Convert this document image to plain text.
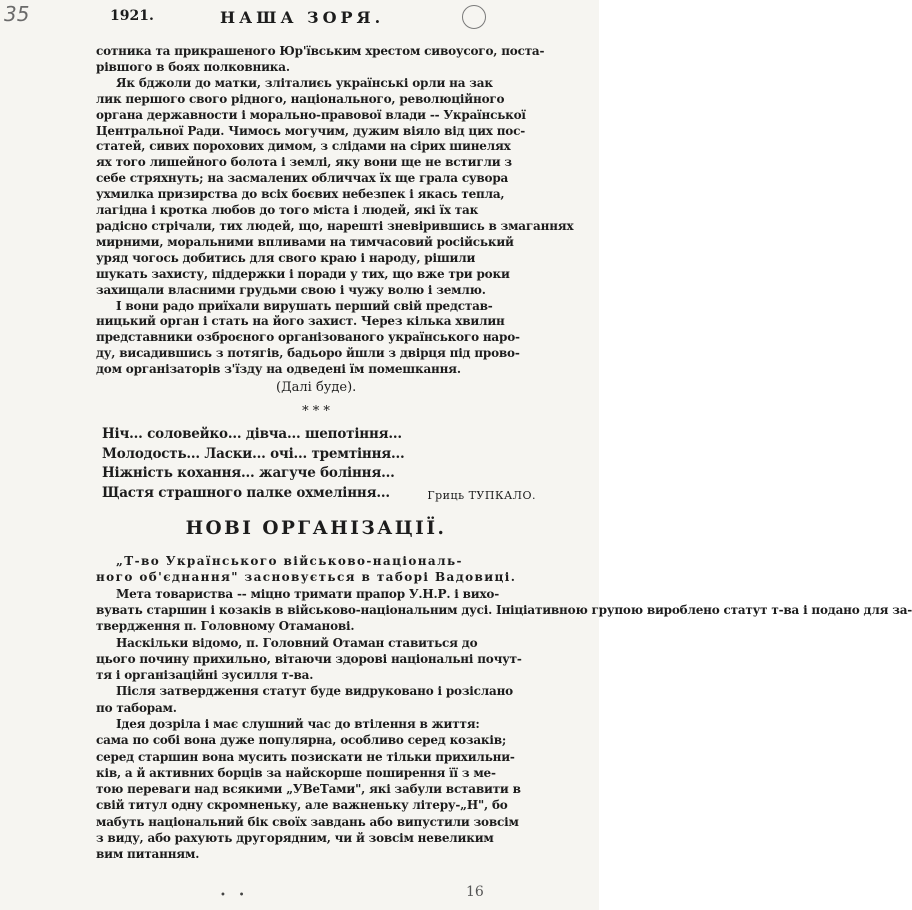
35	1921.	НАША ЗОРЯ.
сотника та прикрашеного Юр'ївським хрестом сивоусого, поста-
рівшого в боях полковника.
Як бджоли до матки, зліталиєь українські орли на зак
лик першого свого рідного, національного, революційного
органа державности і морально-правової влади -- Української
Центральної Ради. Чимось могучим, дужим віяло від цих пос-
статей, сивих порохових димом, з слідами на сірих шинелях
ях того лишейного болота і землі, яку вони ще не встигли з
себе стряхнуть; на засмалених обличчах їх ще грала сувора
ухмилка призирства до всіх боєвих небезпек і якась тепла,
лагідна і кротка любов до того міста і людей, які їх так
радісно стрічали, тих людей, що, нарешті зневірившись в змаганнях
мирними, моральними впливами на тимчасовий російський
уряд чогось добитись для свого краю і народу, рішили
шукать захисту, піддержки і поради у тих, що вже три роки
захищали власними грудьми свою і чужу волю і землю.
І вони радо приїхали вирушать перший свій представ-
ницький орган і стать на його захист. Через кілька хвилин
представники озброєного організованого українського наро-
ду, висадившись з потягів, бадьоро йшли з двірця під прово-
дом організаторів з'їзду на одведені їм помешкання.
(Далі буде).
* * *
Ніч... соловейко... дівча... шепотіння...
Молодость... Ласки... очі... тремтіння...
Ніжність кохання... жагуче боління...
Щастя страшного палке охмеління...	Гриць ТУПКАЛО.
НОВІ ОРГАНІЗАЦІЇ.
„Т-во Українського військово-національ-
ного об'єднання" засновується в таборі Вадовиці.
Мета товариства -- міцно тримати прапор У.Н.Р. і вихо-
вувать старшин і козаків в військово-національним дусі. Ініціативною групою вироблено статут т-ва і подано для за-
твердження п. Головному Отаманові.
Наскільки відомо, п. Головний Отаман ставиться до
цього почину прихильно, вітаючи здорові національні почут-
тя і організаційні зусилля т-ва.
Після затвердження статут буде видруковано і розіслано
по таборам.
Ідея дозріла і має слушний час до втілення в життя:
сама по собі вона дуже популярна, особливо серед козаків;
серед старшин вона мусить позискати не тільки прихильни-
ків, а й активних борців за найскорше поширення її з ме-
тою переваги над всякими „УВеТами", які забули вставити в
свій титул одну скромненьку, але важненьку літеру-„Н", бо
мабуть національний бік своїх завдань або випустили зовсім
з виду, або рахують другорядним, чи й зовсім невеликим
вим питанням.
•    •	16
